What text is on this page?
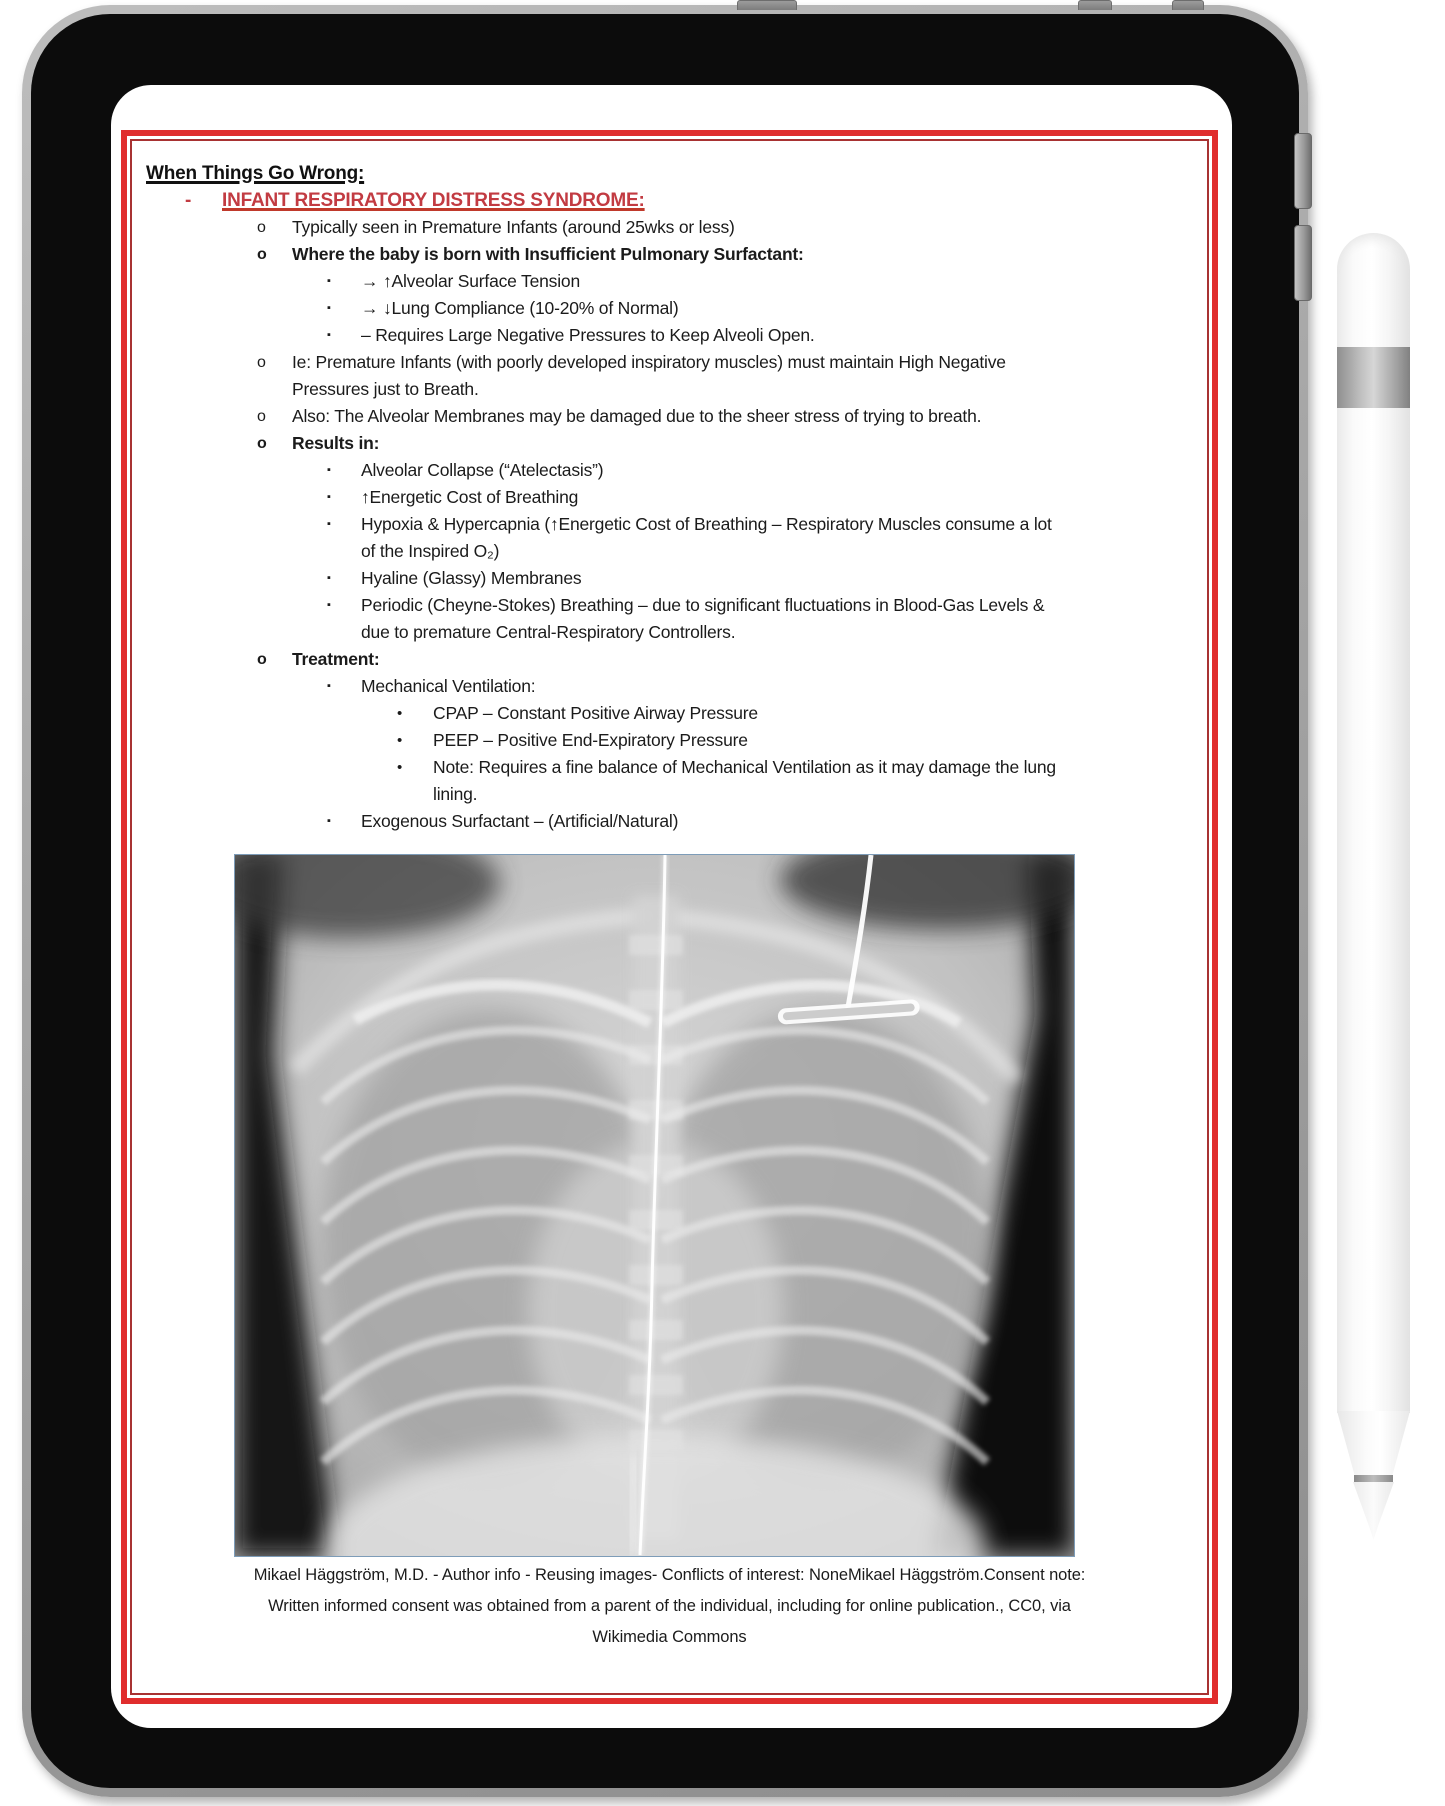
When Things Go Wrong:
- INFANT RESPIRATORY DISTRESS SYNDROME:
o Typically seen in Premature Infants (around 25wks or less)
o Where the baby is born with Insufficient Pulmonary Surfactant:
▪ → ↑Alveolar Surface Tension
▪ → ↓Lung Compliance (10-20% of Normal)
▪ – Requires Large Negative Pressures to Keep Alveoli Open.
o Ie: Premature Infants (with poorly developed inspiratory muscles) must maintain High Negative
Pressures just to Breath.
o Also: The Alveolar Membranes may be damaged due to the sheer stress of trying to breath.
o Results in:
▪ Alveolar Collapse (“Atelectasis”)
▪ ↑Energetic Cost of Breathing
▪ Hypoxia & Hypercapnia (↑Energetic Cost of Breathing – Respiratory Muscles consume a lot
of the Inspired O₂)
▪ Hyaline (Glassy) Membranes
▪ Periodic (Cheyne-Stokes) Breathing – due to significant fluctuations in Blood-Gas Levels &
due to premature Central-Respiratory Controllers.
o Treatment:
▪ Mechanical Ventilation:
• CPAP – Constant Positive Airway Pressure
• PEEP – Positive End-Expiratory Pressure
• Note: Requires a fine balance of Mechanical Ventilation as it may damage the lung
lining.
▪ Exogenous Surfactant – (Artificial/Natural)
Mikael Häggström, M.D. - Author info - Reusing images- Conflicts of interest: NoneMikael Häggström.Consent note:
Written informed consent was obtained from a parent of the individual, including for online publication., CC0, via
Wikimedia Commons
